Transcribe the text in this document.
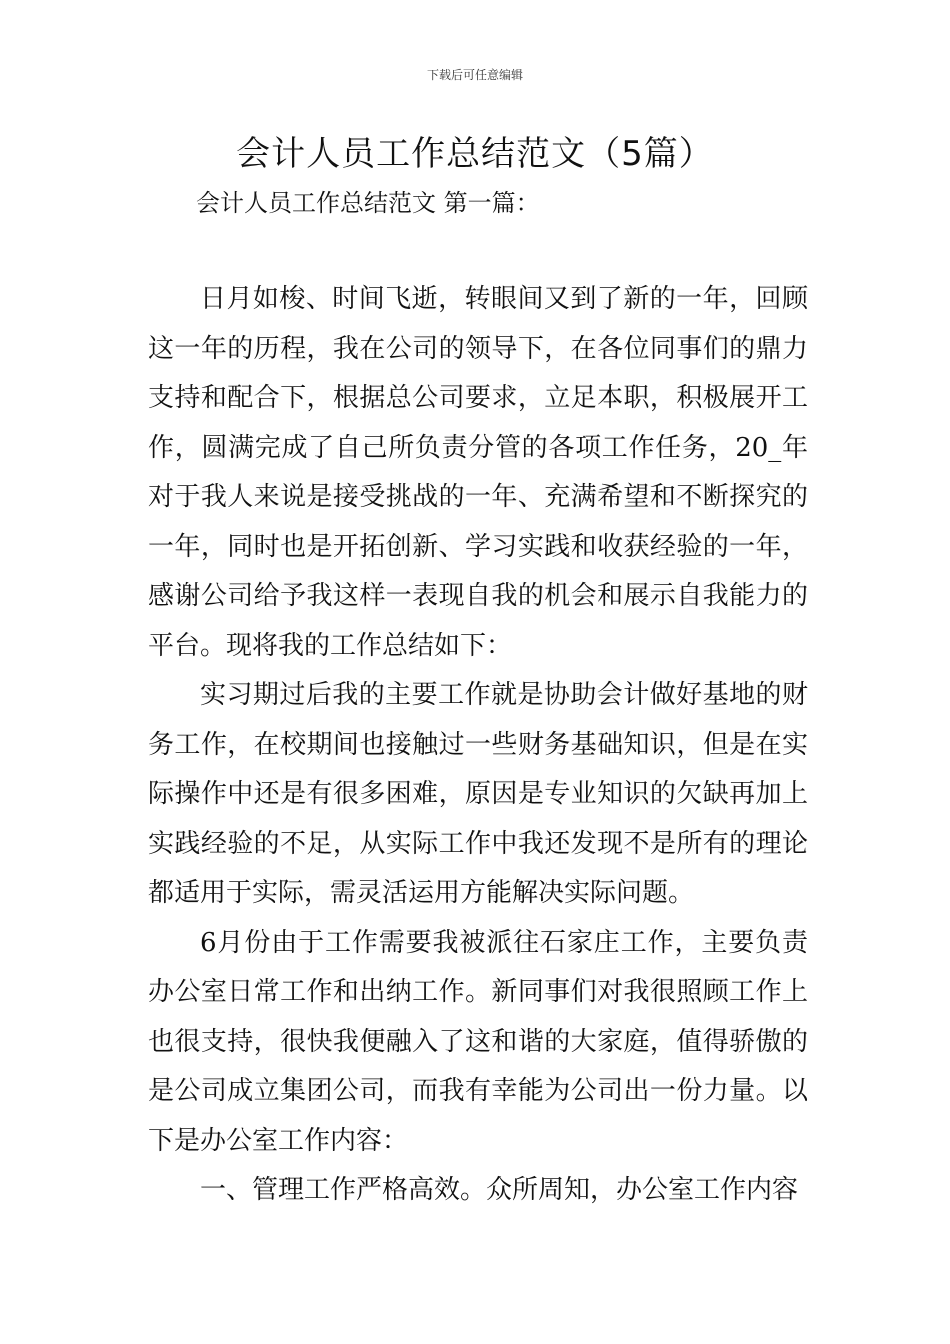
下载后可任意编辑
会计人员工作总结范文（5篇）
会计人员工作总结范文 第一篇：

日月如梭、时间飞逝，转眼间又到了新的一年，回顾这一年的历程，我在公司的领导下，在各位同事们的鼎力支持和配合下，根据总公司要求，立足本职，积极展开工作，圆满完成了自己所负责分管的各项工作任务，20_年对于我人来说是接受挑战的一年、充满希望和不断探究的一年，同时也是开拓创新、学习实践和收获经验的一年，感谢公司给予我这样一表现自我的机会和展示自我能力的平台。现将我的工作总结如下：

实习期过后我的主要工作就是协助会计做好基地的财务工作，在校期间也接触过一些财务基础知识，但是在实际操作中还是有很多困难，原因是专业知识的欠缺再加上实践经验的不足，从实际工作中我还发现不是所有的理论都适用于实际，需灵活运用方能解决实际问题。

6月份由于工作需要我被派往石家庄工作，主要负责办公室日常工作和出纳工作。新同事们对我很照顾工作上也很支持，很快我便融入了这和谐的大家庭，值得骄傲的是公司成立集团公司，而我有幸能为公司出一份力量。以下是办公室工作内容：

一、管理工作严格高效。众所周知，办公室工作内容
